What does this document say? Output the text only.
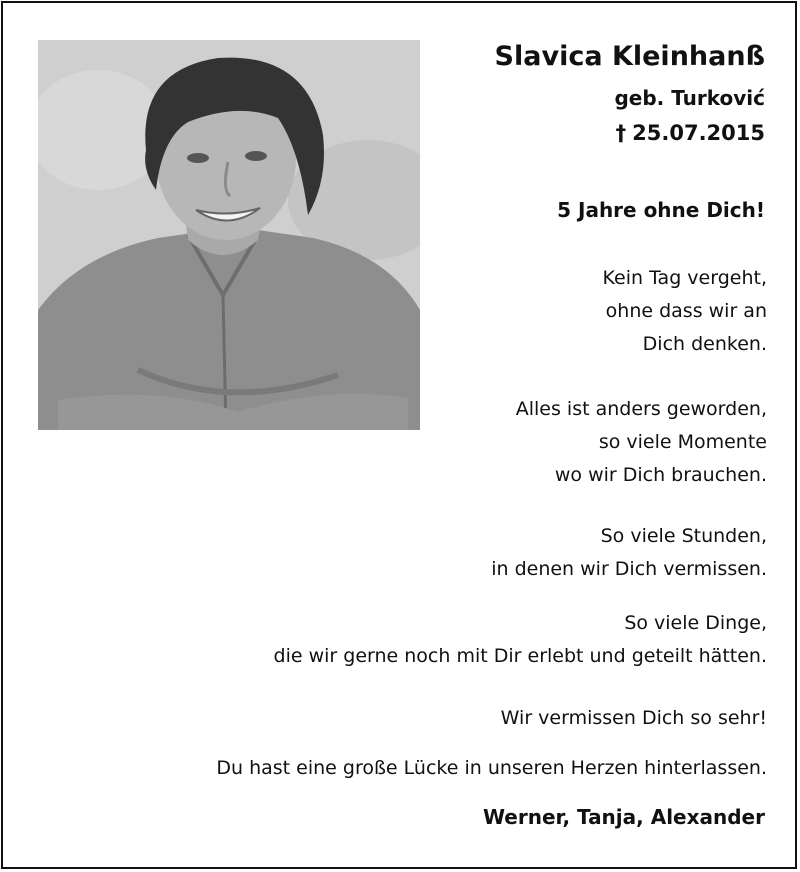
Slavica Kleinhanß
geb. Turković
† 25.07.2015
5 Jahre ohne Dich!
Kein Tag vergeht,
ohne dass wir an
Dich denken.
Alles ist anders geworden,
so viele Momente
wo wir Dich brauchen.
So viele Stunden,
in denen wir Dich vermissen.
So viele Dinge,
die wir gerne noch mit Dir erlebt und geteilt hätten.
Wir vermissen Dich so sehr!
Du hast eine große Lücke in unseren Herzen hinterlassen.
Werner, Tanja, Alexander
